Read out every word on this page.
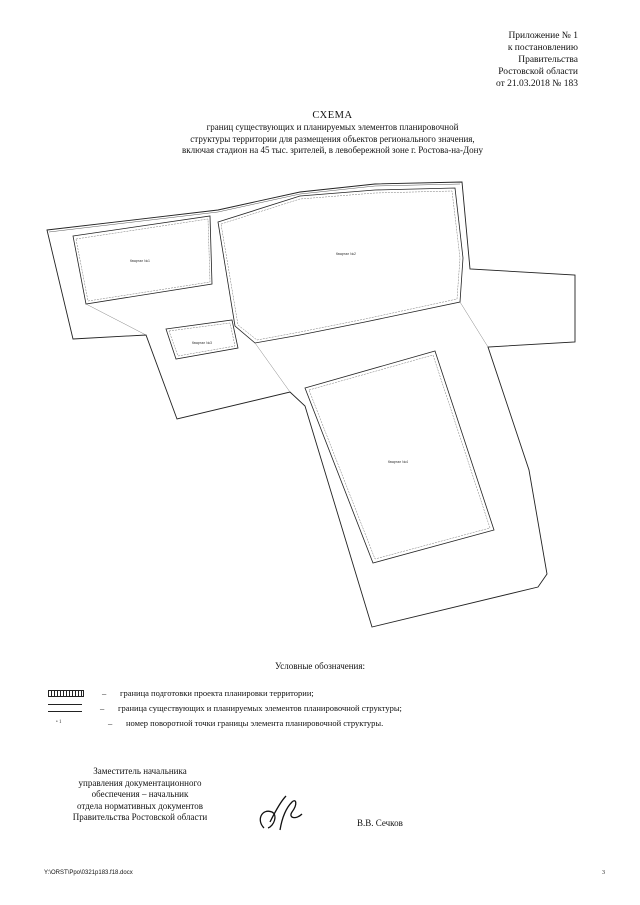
Приложение № 1
к постановлению
Правительства
Ростовской области
от 21.03.2018 № 183
СХЕМА
границ существующих и планируемых элементов планировочной
структуры территории для размещения объектов регионального значения,
включая стадион на 45 тыс. зрителей, в левобережной зоне г. Ростова-на-Дону
Квартал №1
Квартал №2
Квартал №3
Квартал №4
Условные обозначения:
–	граница подготовки проекта планировки территории;
–	граница существующих и планируемых элементов планировочной структуры;
• 1	–	номер поворотной точки границы элемента планировочной структуры.
Заместитель начальника
управления документационного
обеспечения – начальник
отдела нормативных документов
Правительства Ростовской области
В.В. Сечков
Y:\ORST\Ppo\0321p183.f18.docx	3
